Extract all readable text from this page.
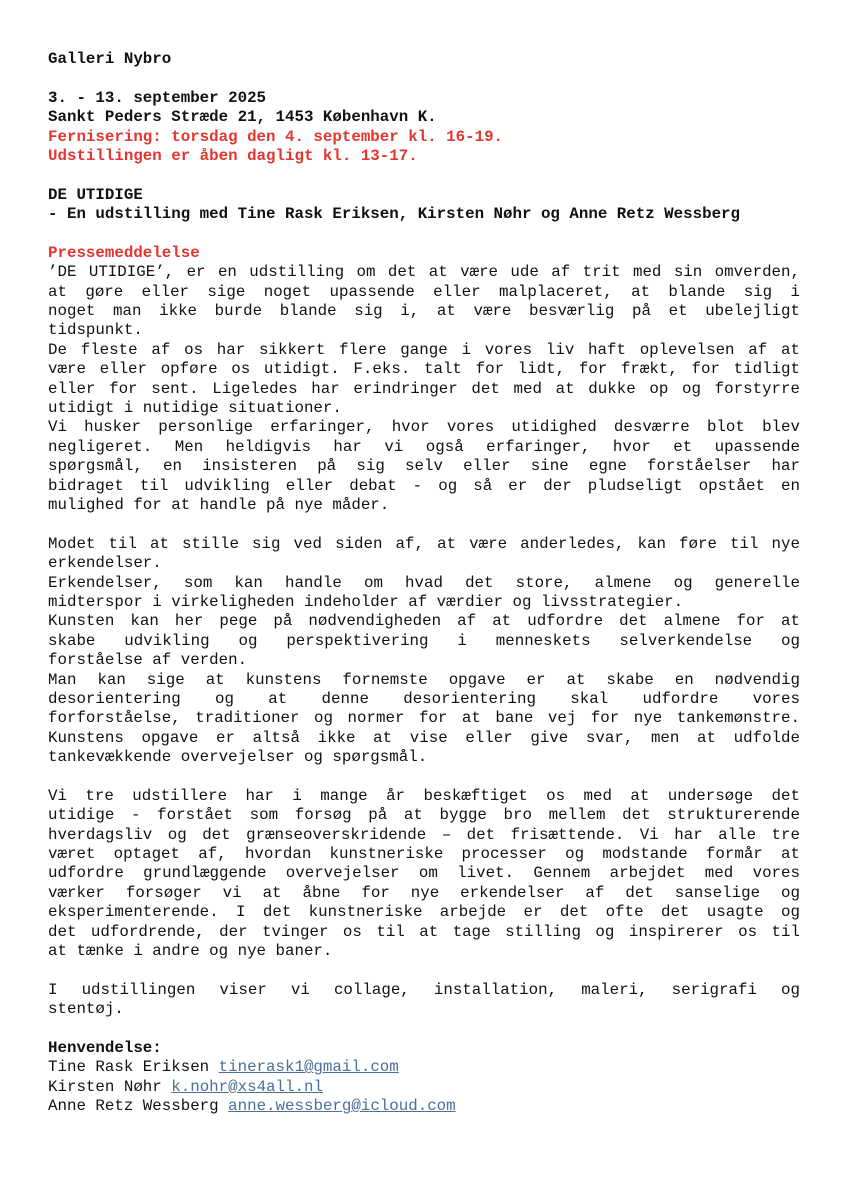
Galleri Nybro
3. - 13. september 2025
Sankt Peders Stræde 21, 1453 København K.
Fernisering: torsdag den 4. september kl. 16-19.
Udstillingen er åben dagligt kl. 13-17.
DE UTIDIGE
- En udstilling med Tine Rask Eriksen, Kirsten Nøhr og Anne Retz Wessberg
Pressemeddelelse
’DE UTIDIGE’, er en udstilling om det at være ude af trit med sin omverden,
at gøre eller sige noget upassende eller malplaceret, at blande sig i
noget man ikke burde blande sig i, at være besværlig på et ubelejligt
tidspunkt.
De fleste af os har sikkert flere gange i vores liv haft oplevelsen af at
være eller opføre os utidigt. F.eks. talt for lidt, for frækt, for tidligt
eller for sent. Ligeledes har erindringer det med at dukke op og forstyrre
utidigt i nutidige situationer.
Vi husker personlige erfaringer, hvor vores utidighed desværre blot blev
negligeret. Men heldigvis har vi også erfaringer, hvor et upassende
spørgsmål, en insisteren på sig selv eller sine egne forståelser har
bidraget til udvikling eller debat - og så er der pludseligt opstået en
mulighed for at handle på nye måder.
Modet til at stille sig ved siden af, at være anderledes, kan føre til nye
erkendelser.
Erkendelser, som kan handle om hvad det store, almene og generelle
midterspor i virkeligheden indeholder af værdier og livsstrategier.
Kunsten kan her pege på nødvendigheden af at udfordre det almene for at
skabe udvikling og perspektivering i menneskets selverkendelse og
forståelse af verden.
Man kan sige at kunstens fornemste opgave er at skabe en nødvendig
desorientering og at denne desorientering skal udfordre vores
forforståelse, traditioner og normer for at bane vej for nye tankemønstre.
Kunstens opgave er altså ikke at vise eller give svar, men at udfolde
tankevækkende overvejelser og spørgsmål.
Vi tre udstillere har i mange år beskæftiget os med at undersøge det
utidige - forstået som forsøg på at bygge bro mellem det strukturerende
hverdagsliv og det grænseoverskridende – det frisættende. Vi har alle tre
været optaget af, hvordan kunstneriske processer og modstande formår at
udfordre grundlæggende overvejelser om livet. Gennem arbejdet med vores
værker forsøger vi at åbne for nye erkendelser af det sanselige og
eksperimenterende. I det kunstneriske arbejde er det ofte det usagte og
det udfordrende, der tvinger os til at tage stilling og inspirerer os til
at tænke i andre og nye baner.
I udstillingen viser vi collage, installation, maleri, serigrafi og
stentøj.
Henvendelse:
Tine Rask Eriksen tinerask1@gmail.com
Kirsten Nøhr k.nohr@xs4all.nl
Anne Retz Wessberg anne.wessberg@icloud.com
